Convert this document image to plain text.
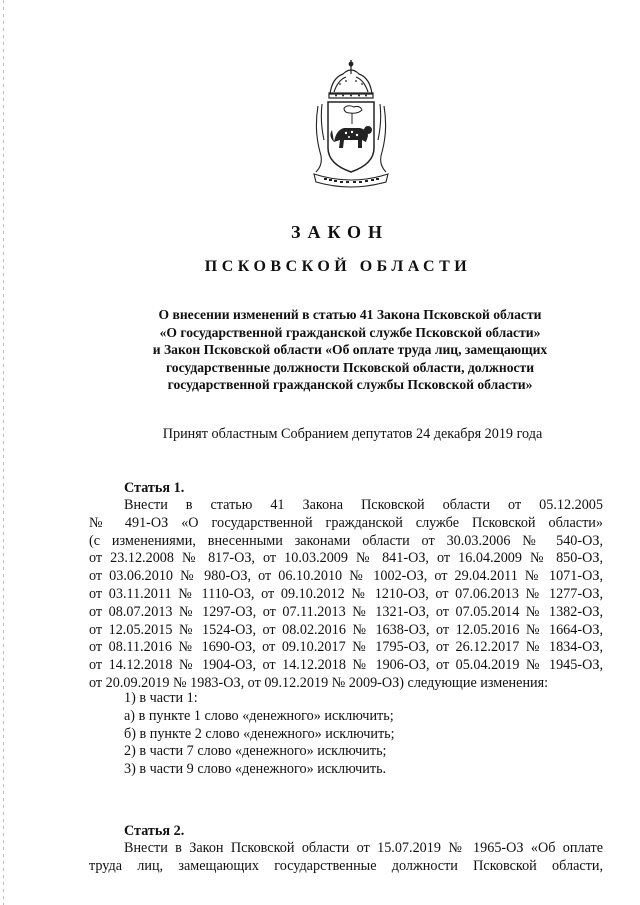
ЗАКОН
ПСКОВСКОЙ ОБЛАСТИ
О внесении изменений в статью 41 Закона Псковской области
«О государственной гражданской службе Псковской области»
и Закон Псковской области «Об оплате труда лиц, замещающих
государственные должности Псковской области, должности
государственной гражданской службы Псковской области»
Принят областным Собранием депутатов 24 декабря 2019 года
Статья 1.
Внести в статью 41 Закона Псковской области от 05.12.2005
№ 491-ОЗ «О государственной гражданской службе Псковской области»
(с изменениями, внесенными законами области от 30.03.2006 № 540-ОЗ,
от 23.12.2008 № 817-ОЗ, от 10.03.2009 № 841-ОЗ, от 16.04.2009 № 850-ОЗ,
от 03.06.2010 № 980-ОЗ, от 06.10.2010 № 1002-ОЗ, от 29.04.2011 № 1071-ОЗ,
от 03.11.2011 № 1110-ОЗ, от 09.10.2012 № 1210-ОЗ, от 07.06.2013 № 1277-ОЗ,
от 08.07.2013 № 1297-ОЗ, от 07.11.2013 № 1321-ОЗ, от 07.05.2014 № 1382-ОЗ,
от 12.05.2015 № 1524-ОЗ, от 08.02.2016 № 1638-ОЗ, от 12.05.2016 № 1664-ОЗ,
от 08.11.2016 № 1690-ОЗ, от 09.10.2017 № 1795-ОЗ, от 26.12.2017 № 1834-ОЗ,
от 14.12.2018 № 1904-ОЗ, от 14.12.2018 № 1906-ОЗ, от 05.04.2019 № 1945-ОЗ,
от 20.09.2019 № 1983-ОЗ, от 09.12.2019 № 2009-ОЗ) следующие изменения:
1) в части 1:
а) в пункте 1 слово «денежного» исключить;
б) в пункте 2 слово «денежного» исключить;
2) в части 7 слово «денежного» исключить;
3) в части 9 слово «денежного» исключить.
Статья 2.
Внести в Закон Псковской области от 15.07.2019 № 1965-ОЗ «Об оплате
труда лиц, замещающих государственные должности Псковской области,
